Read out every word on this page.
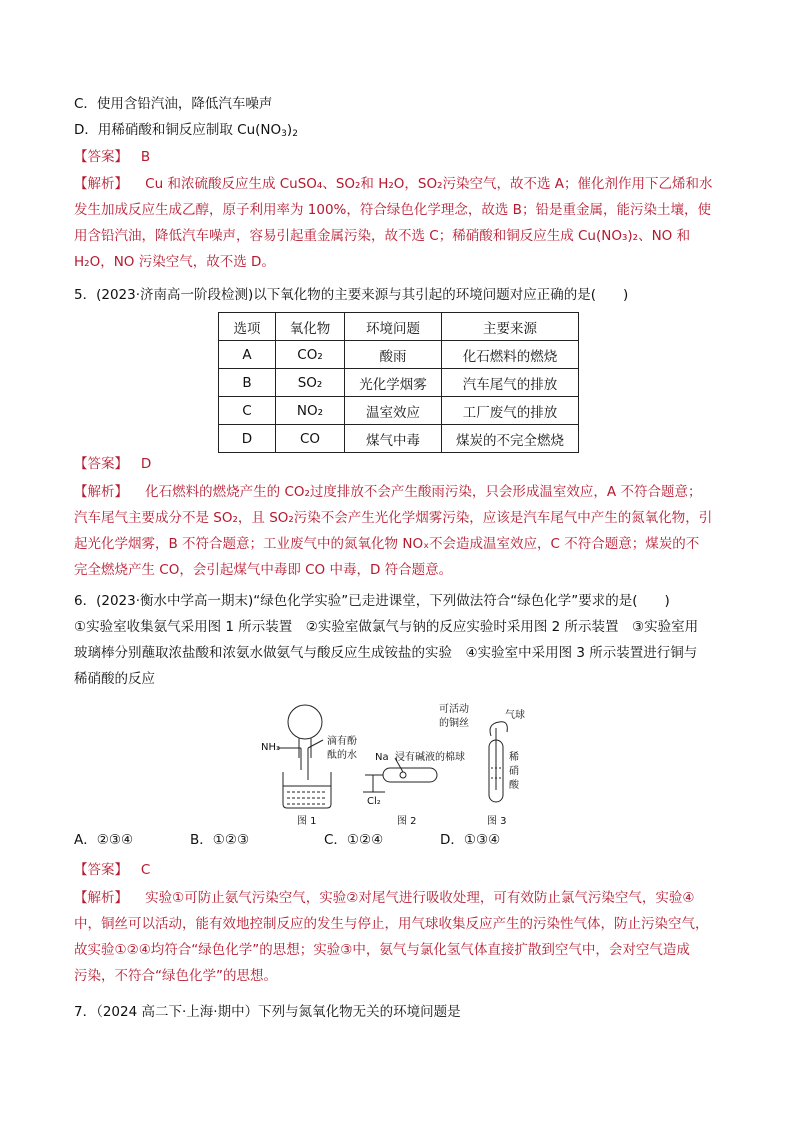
C．使用含铅汽油，降低汽车噪声
D．用稀硝酸和铜反应制取 $Cu(NO_3)_2$
【答案】 B
【解析】 Cu 和浓硫酸反应生成 CuSO₄、SO₂和 H₂O，SO₂污染空气，故不选 A；催化剂作用下乙烯和水
发生加成反应生成乙醇，原子利用率为 100%，符合绿色化学理念，故选 B；铅是重金属，能污染土壤，使
用含铅汽油，降低汽车噪声，容易引起重金属污染，故不选 C；稀硝酸和铜反应生成 Cu(NO₃)₂、NO 和
H₂O，NO 污染空气，故不选 D。
5．(2023·济南高一阶段检测)以下氧化物的主要来源与其引起的环境问题对应正确的是(　　)
选项	氧化物	环境问题	主要来源
A	CO₂	酸雨	化石燃料的燃烧
B	SO₂	光化学烟雾	汽车尾气的排放
C	NO₂	温室效应	工厂废气的排放
D	CO	煤气中毒	煤炭的不完全燃烧
【答案】 D
【解析】 化石燃料的燃烧产生的 CO₂过度排放不会产生酸雨污染，只会形成温室效应，A 不符合题意；
汽车尾气主要成分不是 SO₂，且 SO₂污染不会产生光化学烟雾污染，应该是汽车尾气中产生的氮氧化物，引
起光化学烟雾，B 不符合题意；工业废气中的氮氧化物 NOₓ不会造成温室效应，C 不符合题意；煤炭的不
完全燃烧产生 CO，会引起煤气中毒即 CO 中毒，D 符合题意。
6．(2023·衡水中学高一期末)“绿色化学实验”已走进课堂，下列做法符合“绿色化学”要求的是(　　)
①实验室收集氨气采用图 1 所示装置　②实验室做氯气与钠的反应实验时采用图 2 所示装置　③实验室用
玻璃棒分别蘸取浓盐酸和浓氨水做氨气与酸反应生成铵盐的实验　④实验室中采用图 3 所示装置进行铜与
稀硝酸的反应
NH₃
滴有酚
酞的水 Na 浸有碱液的棉球
Cl₂
可活动
的铜丝
气球
稀
硝
酸
图 1	图 2	图 3
A．②③④	B．①②③	C．①②④	D．①③④
【答案】 C
【解析】 实验①可防止氨气污染空气，实验②对尾气进行吸收处理，可有效防止氯气污染空气，实验④
中，铜丝可以活动，能有效地控制反应的发生与停止，用气球收集反应产生的污染性气体，防止污染空气，
故实验①②④均符合“绿色化学”的思想；实验③中，氨气与氯化氢气体直接扩散到空气中，会对空气造成
污染，不符合“绿色化学”的思想。
7．（2024 高二下·上海·期中）下列与氮氧化物无关的环境问题是
